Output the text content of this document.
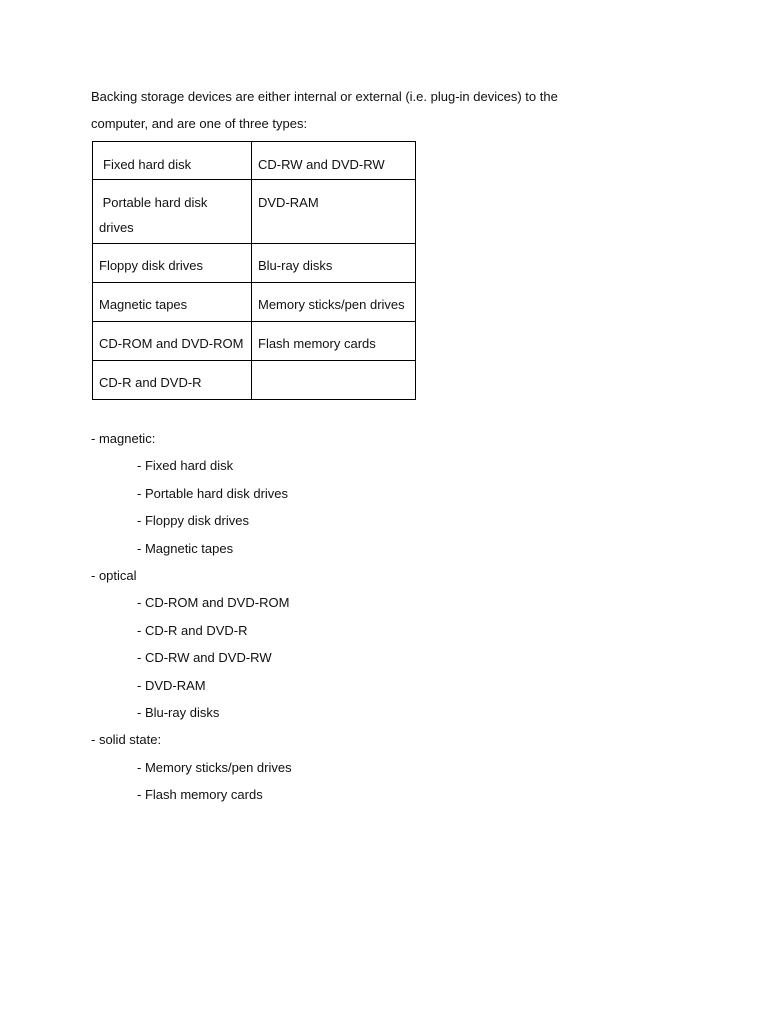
Backing storage devices are either internal or external (i.e. plug-in devices) to the
computer, and are one of three types:

Fixed hard disk	CD-RW and DVD-RW
Portable hard disk drives	DVD-RAM
Floppy disk drives	Blu-ray disks
Magnetic tapes	Memory sticks/pen drives
CD-ROM and DVD-ROM	Flash memory cards
CD-R and DVD-R	
- magnetic:
- Fixed hard disk
- Portable hard disk drives
- Floppy disk drives
- Magnetic tapes
- optical
- CD-ROM and DVD-ROM
- CD-R and DVD-R
- CD-RW and DVD-RW
- DVD-RAM
- Blu-ray disks
- solid state:
- Memory sticks/pen drives
- Flash memory cards
